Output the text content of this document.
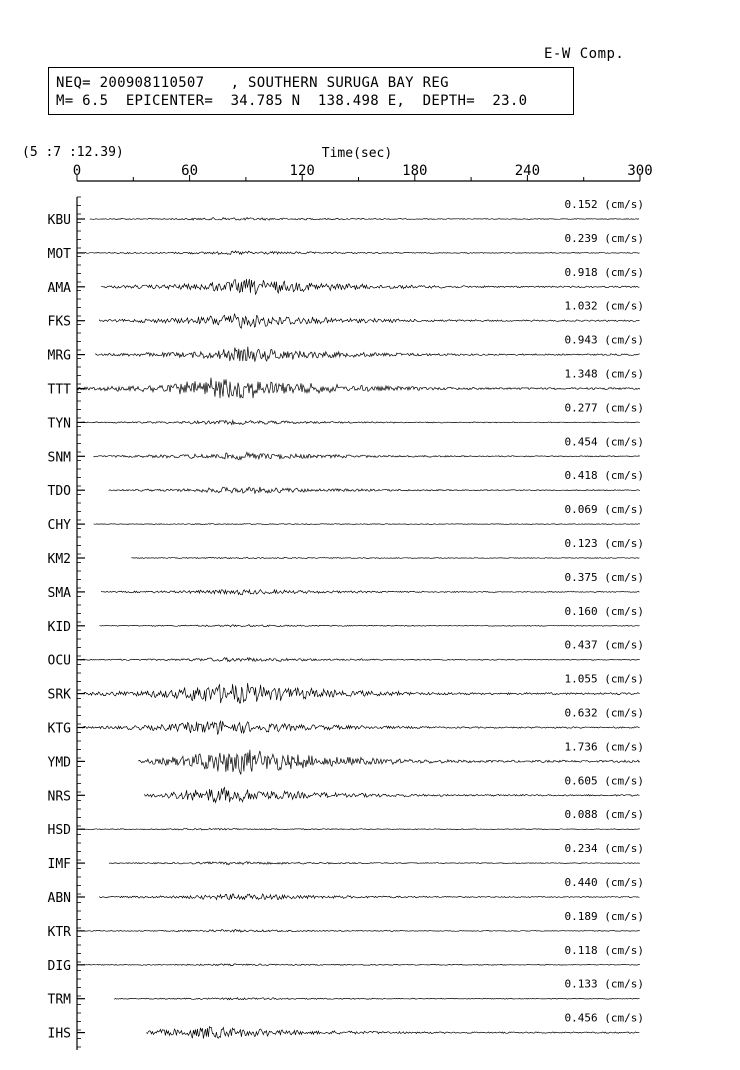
E-W Comp.
NEQ= 200908110507   , SOUTHERN SURUGA BAY REG
M= 6.5  EPICENTER=  34.785 N  138.498 E,  DEPTH=  23.0
(5 :7 :12.39)	Time(sec)
0	60	120	180	240	300
KBU
0.152 (cm/s)
MOT
0.239 (cm/s)
AMA
0.918 (cm/s)
FKS
1.032 (cm/s)
MRG
0.943 (cm/s)
TTT
1.348 (cm/s)
TYN
0.277 (cm/s)
SNM
0.454 (cm/s)
TDO
0.418 (cm/s)
CHY
0.069 (cm/s)
KM2
0.123 (cm/s)
SMA
0.375 (cm/s)
KID
0.160 (cm/s)
OCU
0.437 (cm/s)
SRK
1.055 (cm/s)
KTG
0.632 (cm/s)
YMD
1.736 (cm/s)
NRS
0.605 (cm/s)
HSD
0.088 (cm/s)
IMF
0.234 (cm/s)
ABN
0.440 (cm/s)
KTR
0.189 (cm/s)
DIG
0.118 (cm/s)
TRM
0.133 (cm/s)
IHS
0.456 (cm/s)
